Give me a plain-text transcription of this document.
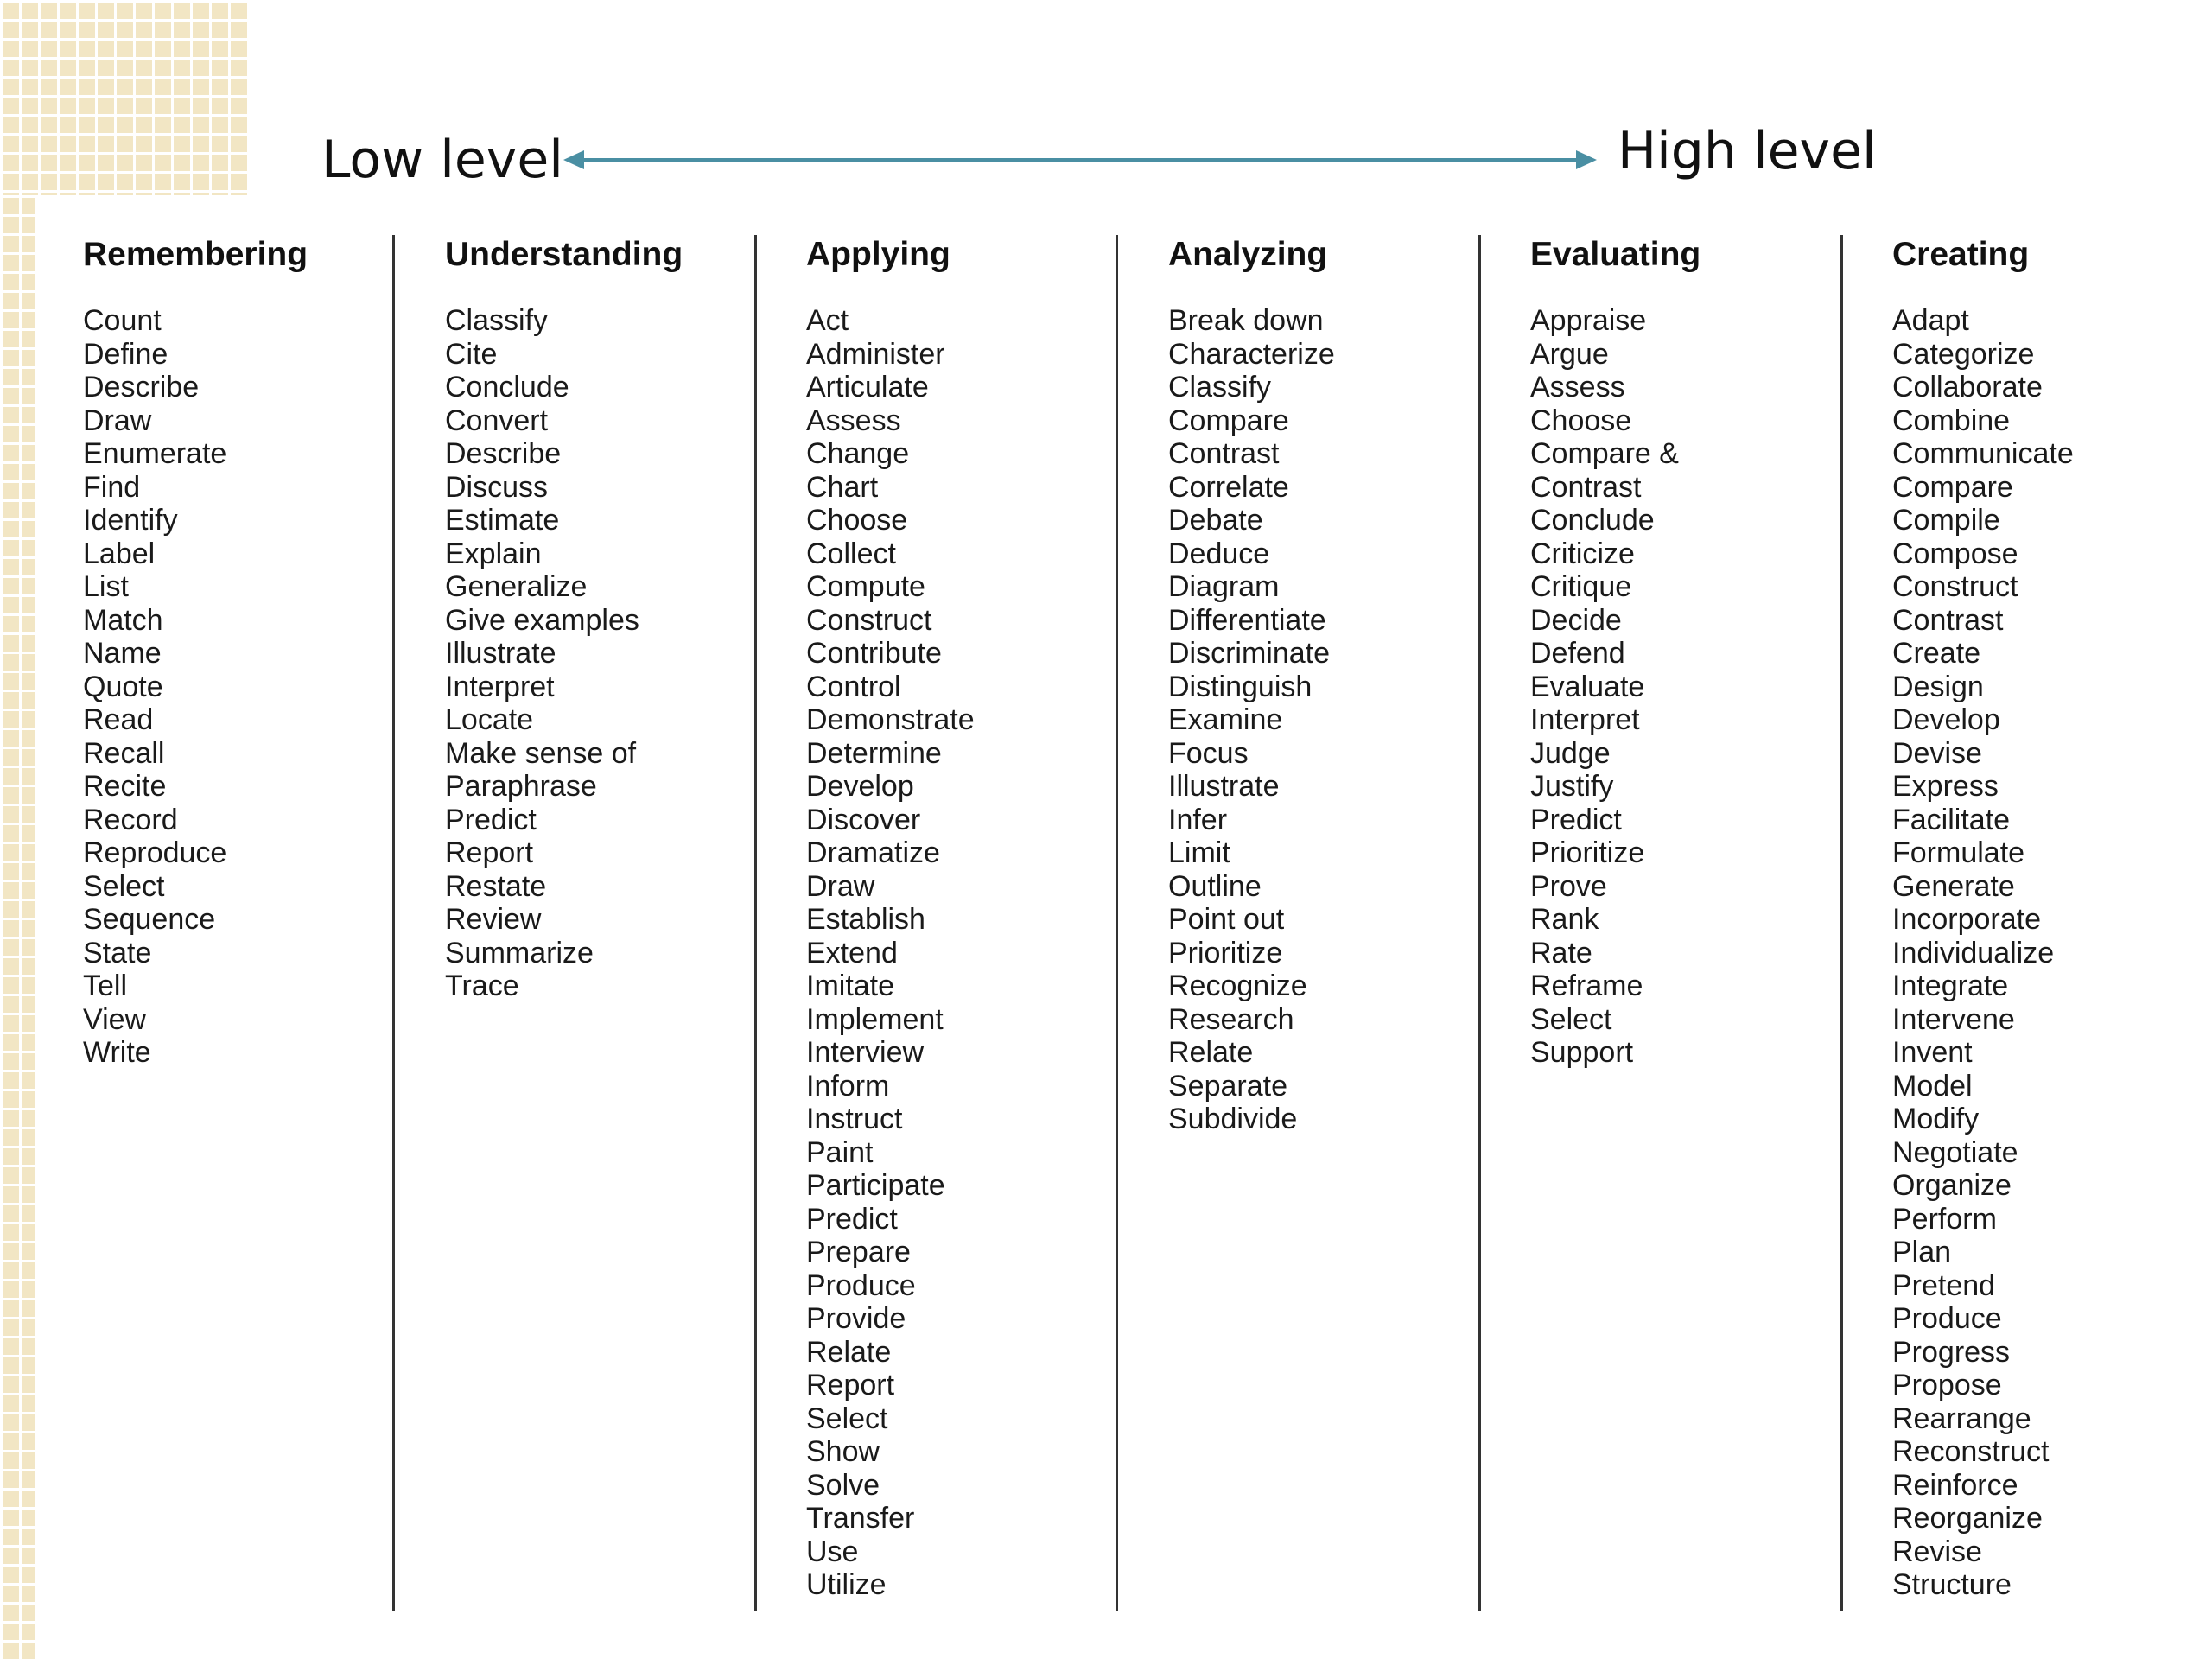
Low level	High level
Remembering
Count
Define
Describe
Draw
Enumerate
Find
Identify
Label
List
Match
Name
Quote
Read
Recall
Recite
Record
Reproduce
Select
Sequence
State
Tell
View
Write
Understanding
Classify
Cite
Conclude
Convert
Describe
Discuss
Estimate
Explain
Generalize
Give examples
Illustrate
Interpret
Locate
Make sense of
Paraphrase
Predict
Report
Restate
Review
Summarize
Trace
Applying
Act
Administer
Articulate
Assess
Change
Chart
Choose
Collect
Compute
Construct
Contribute
Control
Demonstrate
Determine
Develop
Discover
Dramatize
Draw
Establish
Extend
Imitate
Implement
Interview
Inform
Instruct
Paint
Participate
Predict
Prepare
Produce
Provide
Relate
Report
Select
Show
Solve
Transfer
Use
Utilize
Analyzing
Break down
Characterize
Classify
Compare
Contrast
Correlate
Debate
Deduce
Diagram
Differentiate
Discriminate
Distinguish
Examine
Focus
Illustrate
Infer
Limit
Outline
Point out
Prioritize
Recognize
Research
Relate
Separate
Subdivide
Evaluating
Appraise
Argue
Assess
Choose
Compare &
Contrast
Conclude
Criticize
Critique
Decide
Defend
Evaluate
Interpret
Judge
Justify
Predict
Prioritize
Prove
Rank
Rate
Reframe
Select
Support
Creating
Adapt
Categorize
Collaborate
Combine
Communicate
Compare
Compile
Compose
Construct
Contrast
Create
Design
Develop
Devise
Express
Facilitate
Formulate
Generate
Incorporate
Individualize
Integrate
Intervene
Invent
Model
Modify
Negotiate
Organize
Perform
Plan
Pretend
Produce
Progress
Propose
Rearrange
Reconstruct
Reinforce
Reorganize
Revise
Structure
